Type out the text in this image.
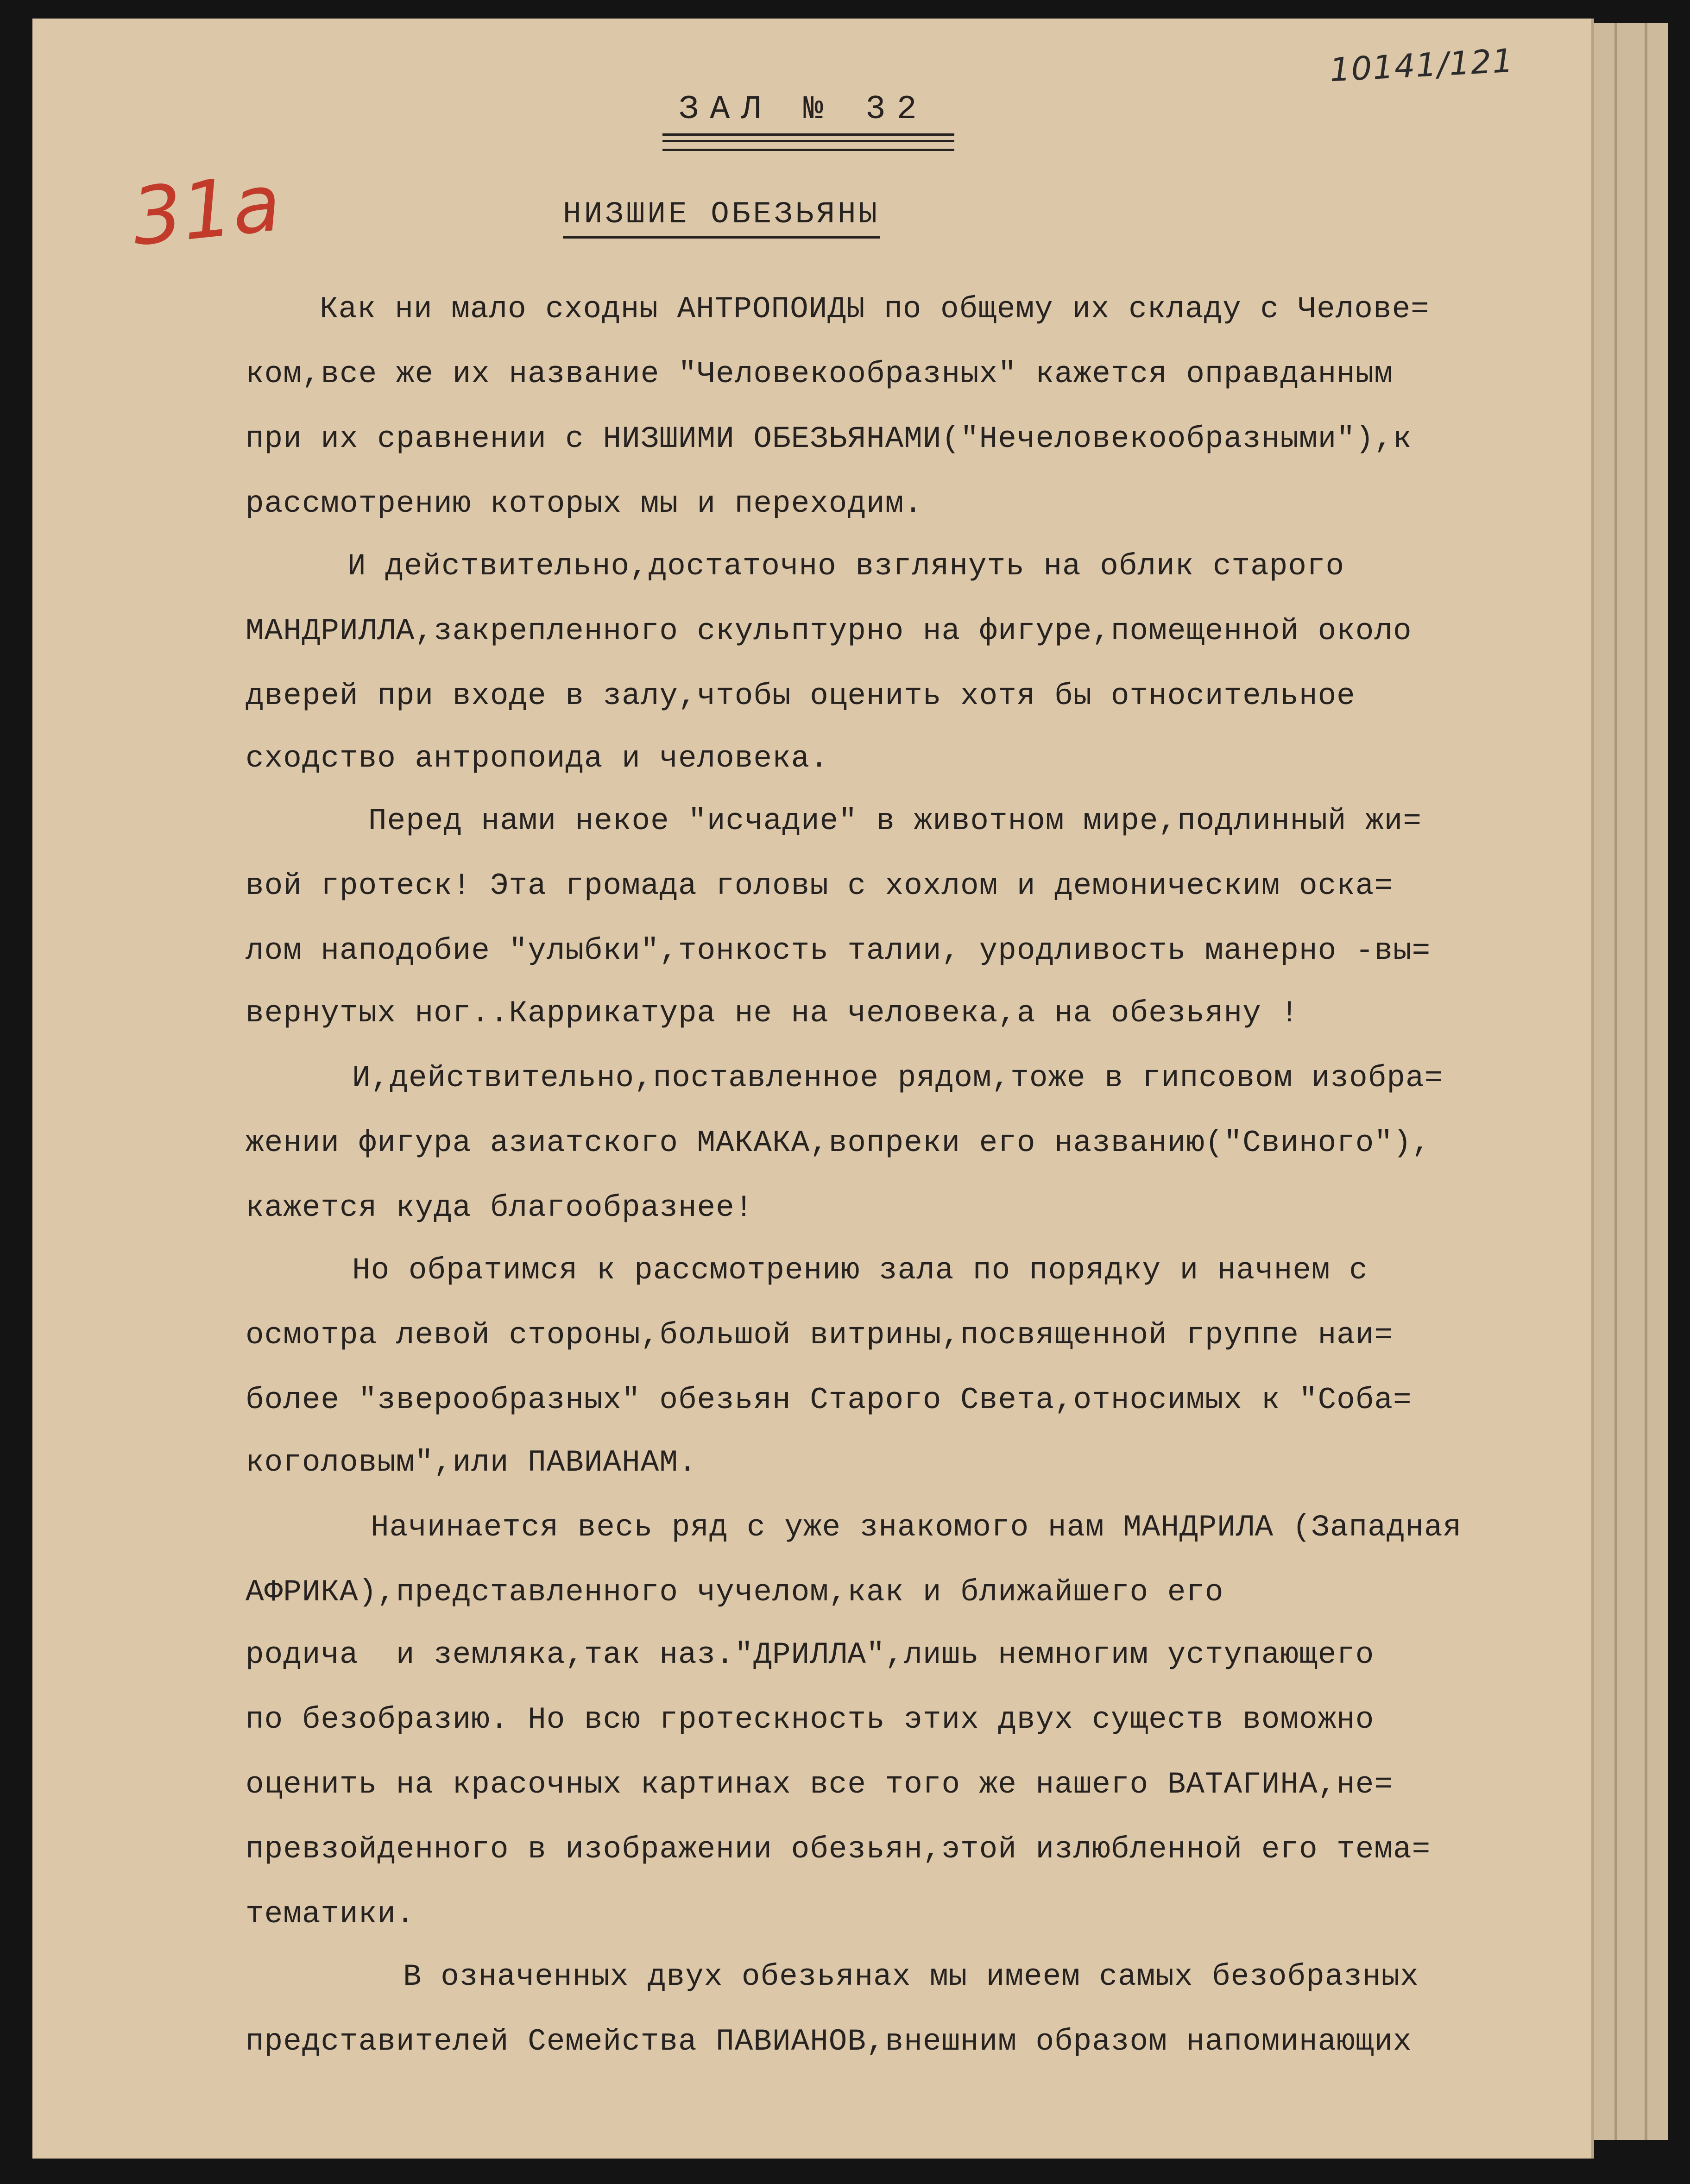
10141/121
31а
ЗАЛ № 32
НИЗШИЕ ОБЕЗЬЯНЫ
Как ни мало сходны АНТРОПОИДЫ по общему их складу с Челове=
ком,все же их название "Человекообразных" кажется оправданным
при их сравнении с НИЗШИМИ ОБЕЗЬЯНАМИ("Нечеловекообразными"),к
рассмотрению которых мы и переходим.
И действительно,достаточно взглянуть на облик старого
МАНДРИЛЛА,закрепленного скульптурно на фигуре,помещенной около
дверей при входе в залу,чтобы оценить хотя бы относительное
сходство антропоида и человека.
Перед нами некое "исчадие" в животном мире,подлинный жи=
вой гротеск! Эта громада головы с хохлом и демоническим оска=
лом наподобие "улыбки",тонкость талии, уродливость манерно -вы=
вернутых ног..Каррикатура не на человека,а на обезьяну !
И,действительно,поставленное рядом,тоже в гипсовом изобра=
жении фигура азиатского МАКАКА,вопреки его названию("Свиного"),
кажется куда благообразнее!
Но обратимся к рассмотрению зала по порядку и начнем с
осмотра левой стороны,большой витрины,посвященной группе наи=
более "зверообразных" обезьян Старого Света,относимых к "Соба=
коголовым",или ПАВИАНАМ.
Начинается весь ряд с уже знакомого нам МАНДРИЛА (Западная
АФРИКА),представленного чучелом,как и ближайшего его
родича  и земляка,так наз."ДРИЛЛА",лишь немногим уступающего
по безобразию. Но всю гротескность этих двух существ воможно
оценить на красочных картинах все того же нашего ВАТАГИНА,не=
превзойденного в изображении обезьян,этой излюбленной его тема=
тематики.
В означенных двух обезьянах мы имеем самых безобразных
представителей Семейства ПАВИАНОВ,внешним образом напоминающих
